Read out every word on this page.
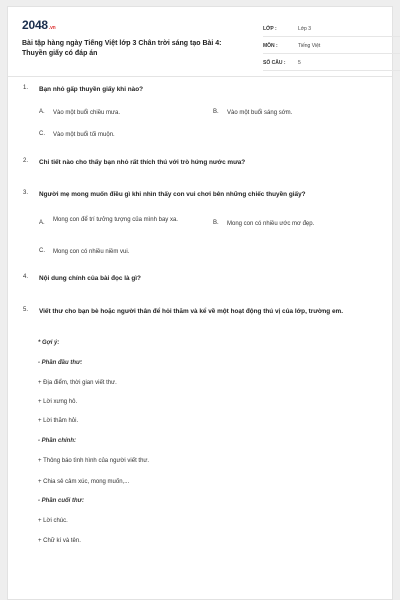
2048.vn
Bài tập hàng ngày Tiếng Việt lớp 3 Chân trời sáng tạo Bài 4: Thuyền giấy có đáp án
LỚP :	Lớp 3
MÔN :	Tiếng Việt
SỐ CÂU :	5
1. Bạn nhỏ gấp thuyền giấy khi nào?
A. Vào một buổi chiều mưa.	B. Vào một buổi sáng sớm.
C. Vào một buổi tối muộn.
2. Chi tiết nào cho thấy bạn nhỏ rất thích thú với trò hứng nước mưa?
3. Người mẹ mong muốn điều gì khi nhìn thấy con vui chơi bên những chiếc thuyền giấy?
A. Mong con để trí tưởng tượng của mình bay xa.	B. Mong con có nhiều ước mơ đẹp.
C. Mong con có nhiều niềm vui.
4. Nội dung chính của bài đọc là gì?
5. Viết thư cho bạn bè hoặc người thân để hỏi thăm và kể về một hoạt động thú vị của lớp, trường em.
* Gợi ý:
- Phần đầu thư:
+ Địa điểm, thời gian viết thư.
+ Lời xưng hô.
+ Lời thăm hỏi.
- Phần chính:
+ Thông báo tình hình của người viết thư.
+ Chia sẻ cảm xúc, mong muốn,...
- Phần cuối thư:
+ Lời chúc.
+ Chữ kí và tên.
